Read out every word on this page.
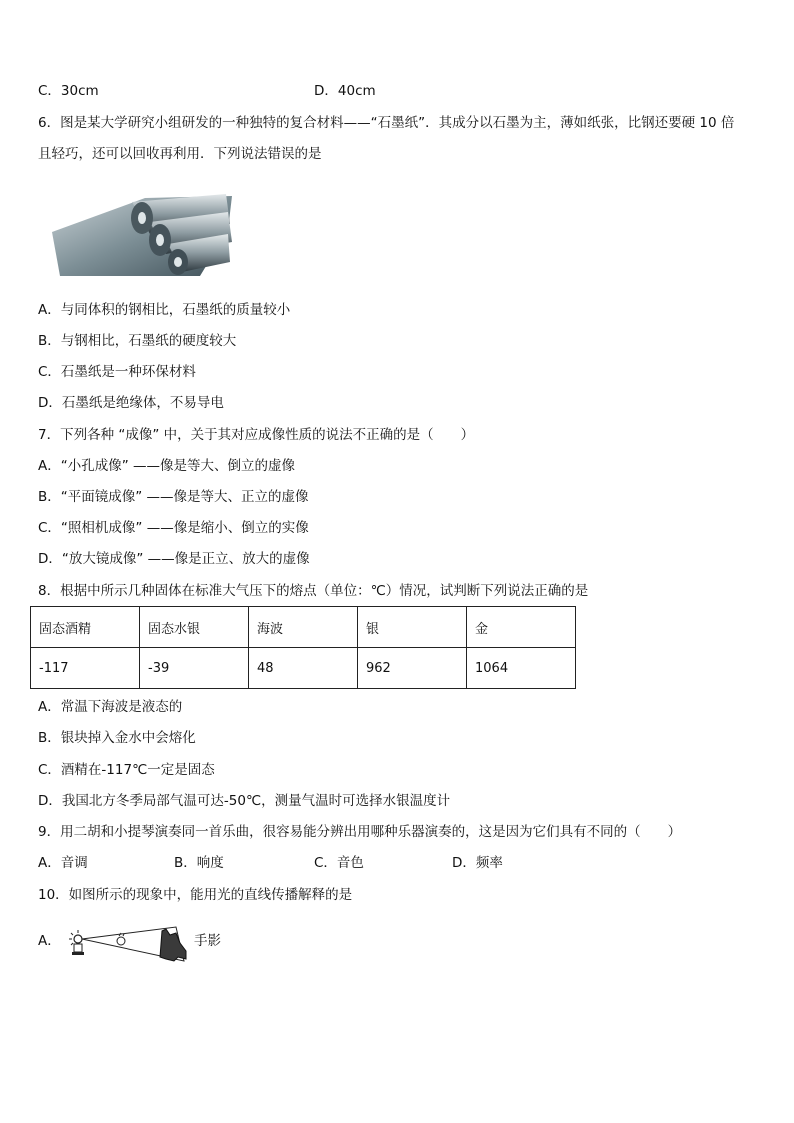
C．30cm	D．40cm
6．图是某大学研究小组研发的一种独特的复合材料——“石墨纸”．其成分以石墨为主，薄如纸张，比钢还要硬 10 倍
且轻巧，还可以回收再利用．下列说法错误的是
A．与同体积的钢相比，石墨纸的质量较小
B．与钢相比，石墨纸的硬度较大
C．石墨纸是一种环保材料
D．石墨纸是绝缘体，不易导电
7．下列各种 “成像” 中，关于其对应成像性质的说法不正确的是（　　）
A．“小孔成像” ——像是等大、倒立的虚像
B．“平面镜成像” ——像是等大、正立的虚像
C．“照相机成像” ——像是缩小、倒立的实像
D．“放大镜成像” ——像是正立、放大的虚像
8．根据中所示几种固体在标准大气压下的熔点（单位：℃）情况，试判断下列说法正确的是
固态酒精	固态水银	海波	银	金
-117	-39	48	962	1064
A．常温下海波是液态的
B．银块掉入金水中会熔化
C．酒精在-117℃一定是固态
D．我国北方冬季局部气温可达-50℃，测量气温时可选择水银温度计
9．用二胡和小提琴演奏同一首乐曲，很容易能分辨出用哪种乐器演奏的，这是因为它们具有不同的（　　）
A．音调	B．响度	C．音色	D．频率
10．如图所示的现象中，能用光的直线传播解释的是
A．	手影
